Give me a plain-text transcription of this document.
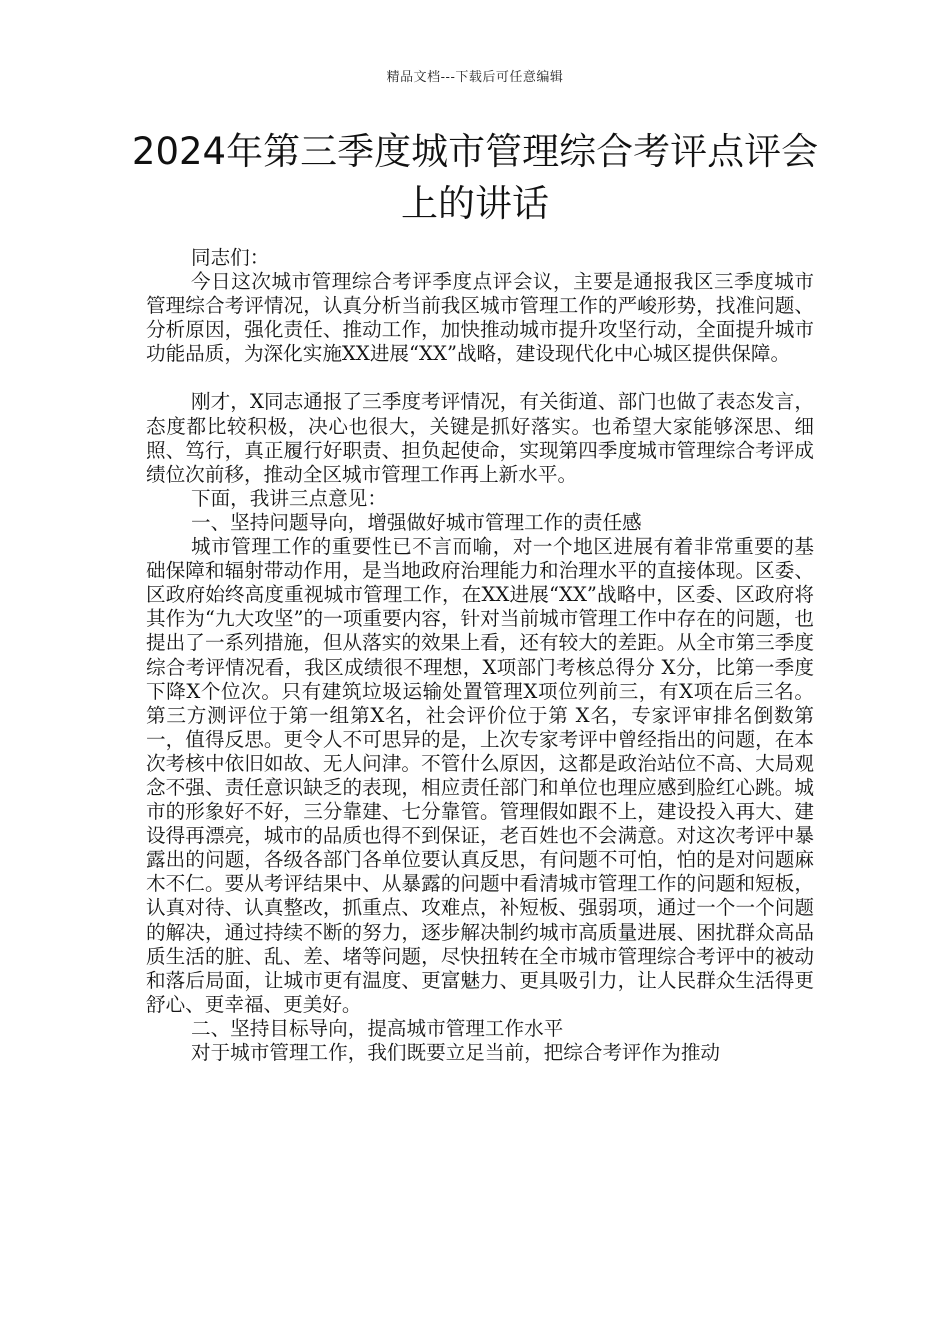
精品文档---下载后可任意编辑
2024年第三季度城市管理综合考评点评会上的讲话

同志们：

今日这次城市管理综合考评季度点评会议，主要是通报我区三季度城市管理综合考评情况，认真分析当前我区城市管理工作的严峻形势，找准问题、分析原因，强化责任、推动工作，加快推动城市提升攻坚行动，全面提升城市功能品质，为深化实施XX进展“XX”战略，建设现代化中心城区提供保障。

刚才，X同志通报了三季度考评情况，有关街道、部门也做了表态发言，态度都比较积极，决心也很大，关键是抓好落实。也希望大家能够深思、细照、笃行，真正履行好职责、担负起使命，实现第四季度城市管理综合考评成绩位次前移，推动全区城市管理工作再上新水平。

下面，我讲三点意见：

一、坚持问题导向，增强做好城市管理工作的责任感

城市管理工作的重要性已不言而喻，对一个地区进展有着非常重要的基础保障和辐射带动作用，是当地政府治理能力和治理水平的直接体现。区委、区政府始终高度重视城市管理工作，在XX进展“XX”战略中，区委、区政府将其作为“九大攻坚”的一项重要内容，针对当前城市管理工作中存在的问题，也提出了一系列措施，但从落实的效果上看，还有较大的差距。从全市第三季度综合考评情况看，我区成绩很不理想，X项部门考核总得分 X分，比第一季度下降X个位次。只有建筑垃圾运输处置管理X项位列前三，有X项在后三名。第三方测评位于第一组第X名，社会评价位于第 X名，专家评审排名倒数第一，值得反思。更令人不可思异的是，上次专家考评中曾经指出的问题，在本次考核中依旧如故、无人问津。不管什么原因，这都是政治站位不高、大局观念不强、责任意识缺乏的表现，相应责任部门和单位也理应感到脸红心跳。城市的形象好不好，三分靠建、七分靠管。管理假如跟不上，建设投入再大、建设得再漂亮，城市的品质也得不到保证，老百姓也不会满意。对这次考评中暴露出的问题，各级各部门各单位要认真反思，有问题不可怕，怕的是对问题麻木不仁。要从考评结果中、从暴露的问题中看清城市管理工作的问题和短板，认真对待、认真整改，抓重点、攻难点，补短板、强弱项，通过一个一个问题的解决，通过持续不断的努力，逐步解决制约城市高质量进展、困扰群众高品质生活的脏、乱、差、堵等问题，尽快扭转在全市城市管理综合考评中的被动和落后局面，让城市更有温度、更富魅力、更具吸引力，让人民群众生活得更舒心、更幸福、更美好。

二、坚持目标导向，提高城市管理工作水平

对于城市管理工作，我们既要立足当前，把综合考评作为推动
